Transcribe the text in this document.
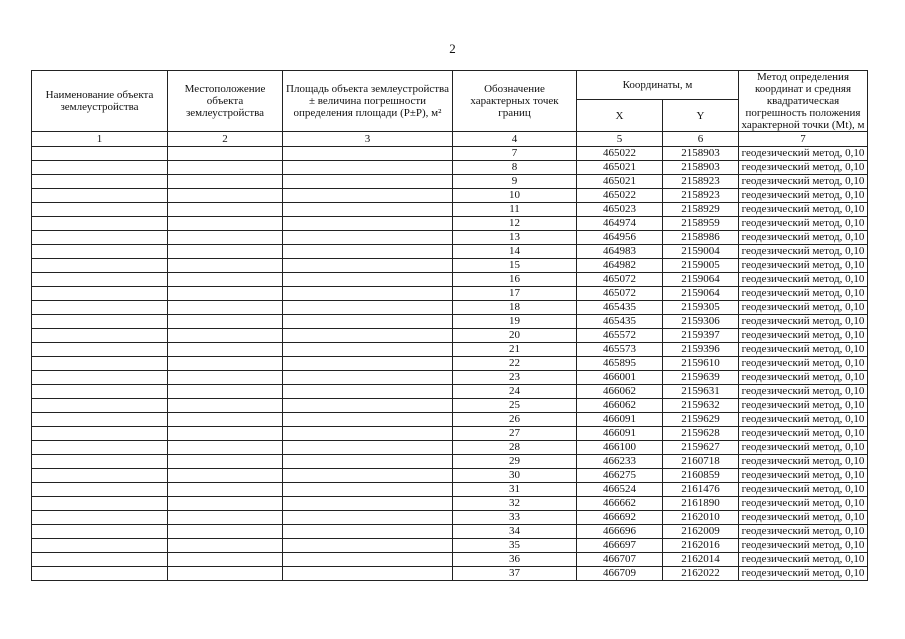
2
Наименование объекта землеустройства	Местоположение объекта землеустройства	Площадь объекта землеустройства ± величина погрешности определения площади (Р±Р), м²	Обозначение характерных точек границ	Координаты, м		Метод определения координат и средняя квадратическая погрешность положения характерной точки (Mt), м
				X	Y	
1	2	3	4	5	6	7
			7	465022	2158903	геодезический метод, 0,10
			8	465021	2158903	геодезический метод, 0,10
			9	465021	2158923	геодезический метод, 0,10
			10	465022	2158923	геодезический метод, 0,10
			11	465023	2158929	геодезический метод, 0,10
			12	464974	2158959	геодезический метод, 0,10
			13	464956	2158986	геодезический метод, 0,10
			14	464983	2159004	геодезический метод, 0,10
			15	464982	2159005	геодезический метод, 0,10
			16	465072	2159064	геодезический метод, 0,10
			17	465072	2159064	геодезический метод, 0,10
			18	465435	2159305	геодезический метод, 0,10
			19	465435	2159306	геодезический метод, 0,10
			20	465572	2159397	геодезический метод, 0,10
			21	465573	2159396	геодезический метод, 0,10
			22	465895	2159610	геодезический метод, 0,10
			23	466001	2159639	геодезический метод, 0,10
			24	466062	2159631	геодезический метод, 0,10
			25	466062	2159632	геодезический метод, 0,10
			26	466091	2159629	геодезический метод, 0,10
			27	466091	2159628	геодезический метод, 0,10
			28	466100	2159627	геодезический метод, 0,10
			29	466233	2160718	геодезический метод, 0,10
			30	466275	2160859	геодезический метод, 0,10
			31	466524	2161476	геодезический метод, 0,10
			32	466662	2161890	геодезический метод, 0,10
			33	466692	2162010	геодезический метод, 0,10
			34	466696	2162009	геодезический метод, 0,10
			35	466697	2162016	геодезический метод, 0,10
			36	466707	2162014	геодезический метод, 0,10
			37	466709	2162022	геодезический метод, 0,10
